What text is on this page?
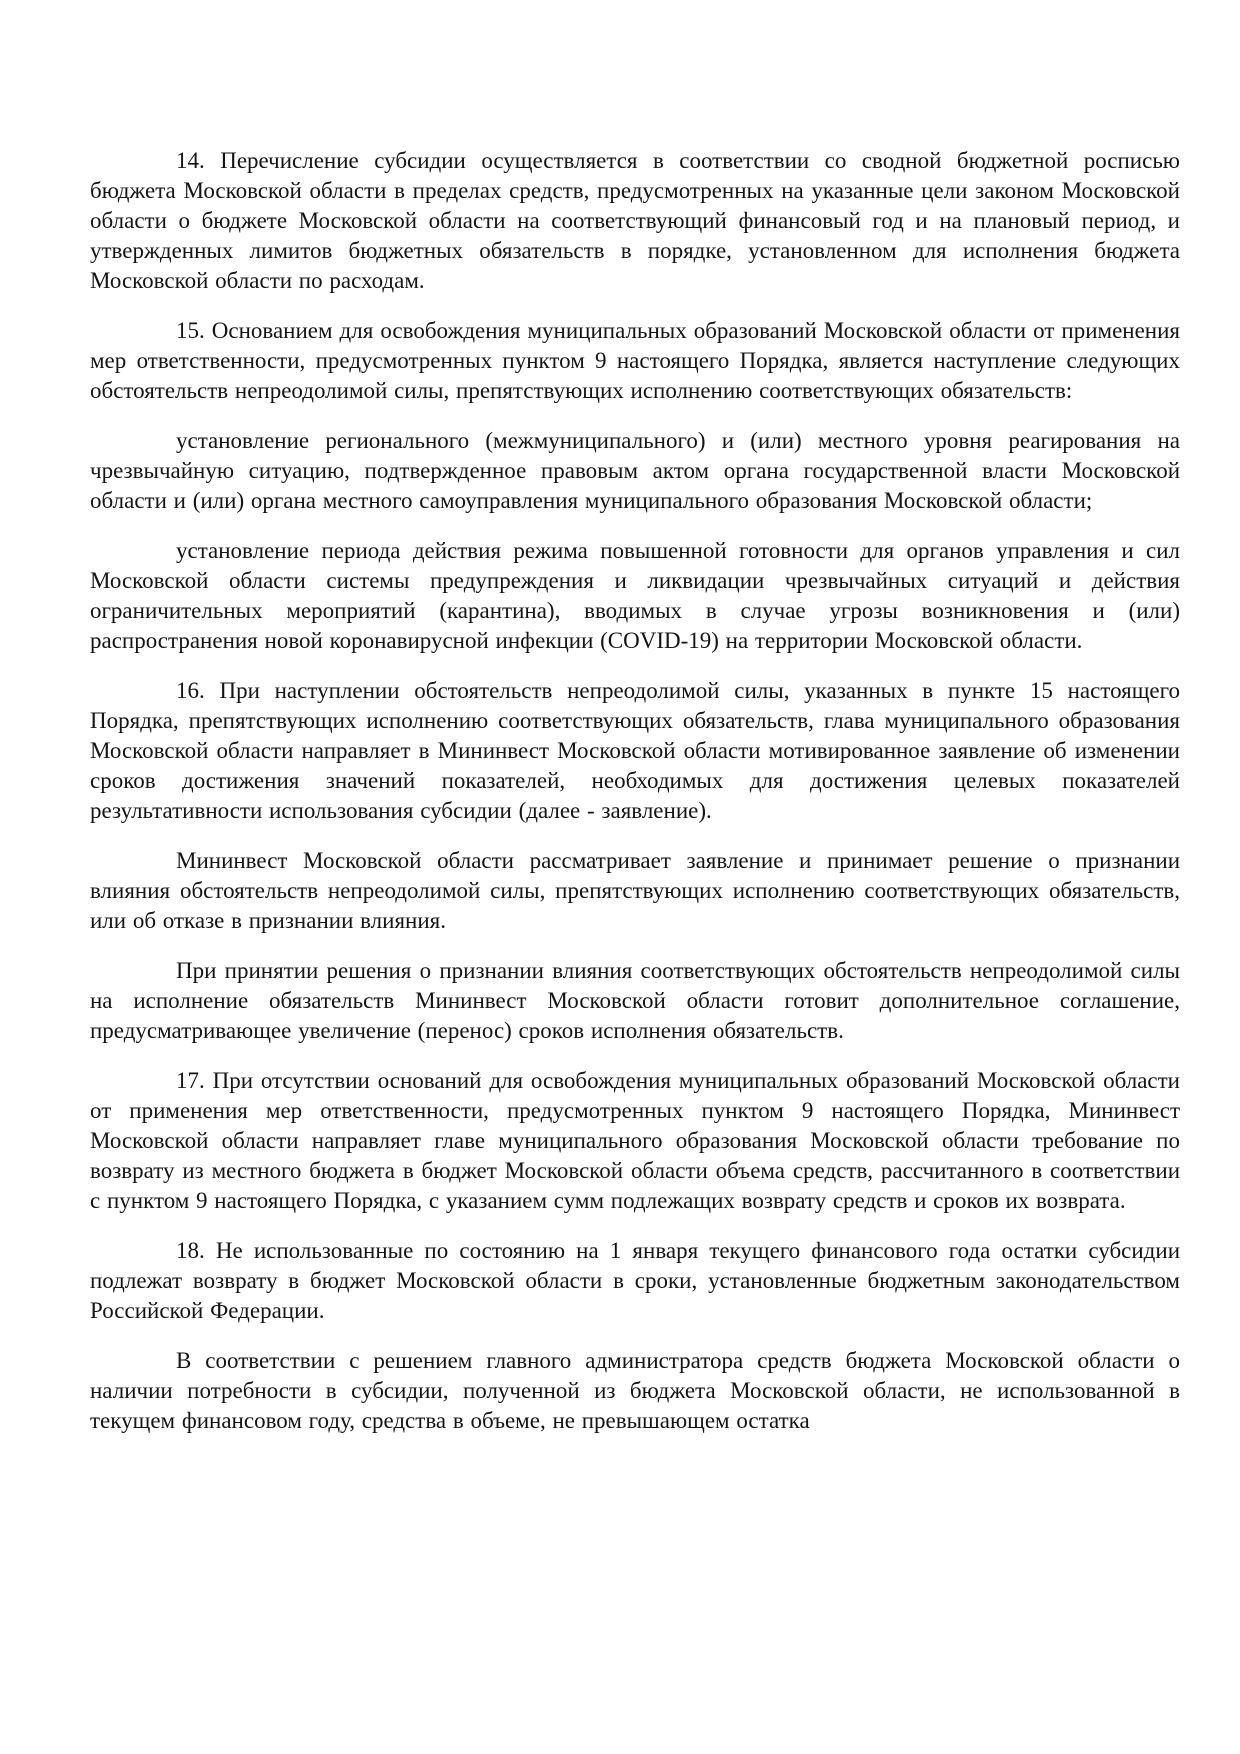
14. Перечисление субсидии осуществляется в соответствии со сводной бюджетной росписью бюджета Московской области в пределах средств, предусмотренных на указанные цели законом Московской области о бюджете Московской области на соответствующий финансовый год и на плановый период, и утвержденных лимитов бюджетных обязательств в порядке, установленном для исполнения бюджета Московской области по расходам.

15. Основанием для освобождения муниципальных образований Московской области от применения мер ответственности, предусмотренных пунктом 9 настоящего Порядка, является наступление следующих обстоятельств непреодолимой силы, препятствующих исполнению соответствующих обязательств:

установление регионального (межмуниципального) и (или) местного уровня реагирования на чрезвычайную ситуацию, подтвержденное правовым актом органа государственной власти Московской области и (или) органа местного самоуправления муниципального образования Московской области;

установление периода действия режима повышенной готовности для органов управления и сил Московской области системы предупреждения и ликвидации чрезвычайных ситуаций и действия ограничительных мероприятий (карантина), вводимых в случае угрозы возникновения и (или) распространения новой коронавирусной инфекции (COVID-19) на территории Московской области.

16. При наступлении обстоятельств непреодолимой силы, указанных в пункте 15 настоящего Порядка, препятствующих исполнению соответствующих обязательств, глава муниципального образования Московской области направляет в Мининвест Московской области мотивированное заявление об изменении сроков достижения значений показателей, необходимых для достижения целевых показателей результативности использования субсидии (далее - заявление).

Мининвест Московской области рассматривает заявление и принимает решение о признании влияния обстоятельств непреодолимой силы, препятствующих исполнению соответствующих обязательств, или об отказе в признании влияния.

При принятии решения о признании влияния соответствующих обстоятельств непреодолимой силы на исполнение обязательств Мининвест Московской области готовит дополнительное соглашение, предусматривающее увеличение (перенос) сроков исполнения обязательств.

17. При отсутствии оснований для освобождения муниципальных образований Московской области от применения мер ответственности, предусмотренных пунктом 9 настоящего Порядка, Мининвест Московской области направляет главе муниципального образования Московской области требование по возврату из местного бюджета в бюджет Московской области объема средств, рассчитанного в соответствии с пунктом 9 настоящего Порядка, с указанием сумм подлежащих возврату средств и сроков их возврата.

18. Не использованные по состоянию на 1 января текущего финансового года остатки субсидии подлежат возврату в бюджет Московской области в сроки, установленные бюджетным законодательством Российской Федерации.

В соответствии с решением главного администратора средств бюджета Московской области о наличии потребности в субсидии, полученной из бюджета Московской области, не использованной в текущем финансовом году, средства в объеме, не превышающем остатка
